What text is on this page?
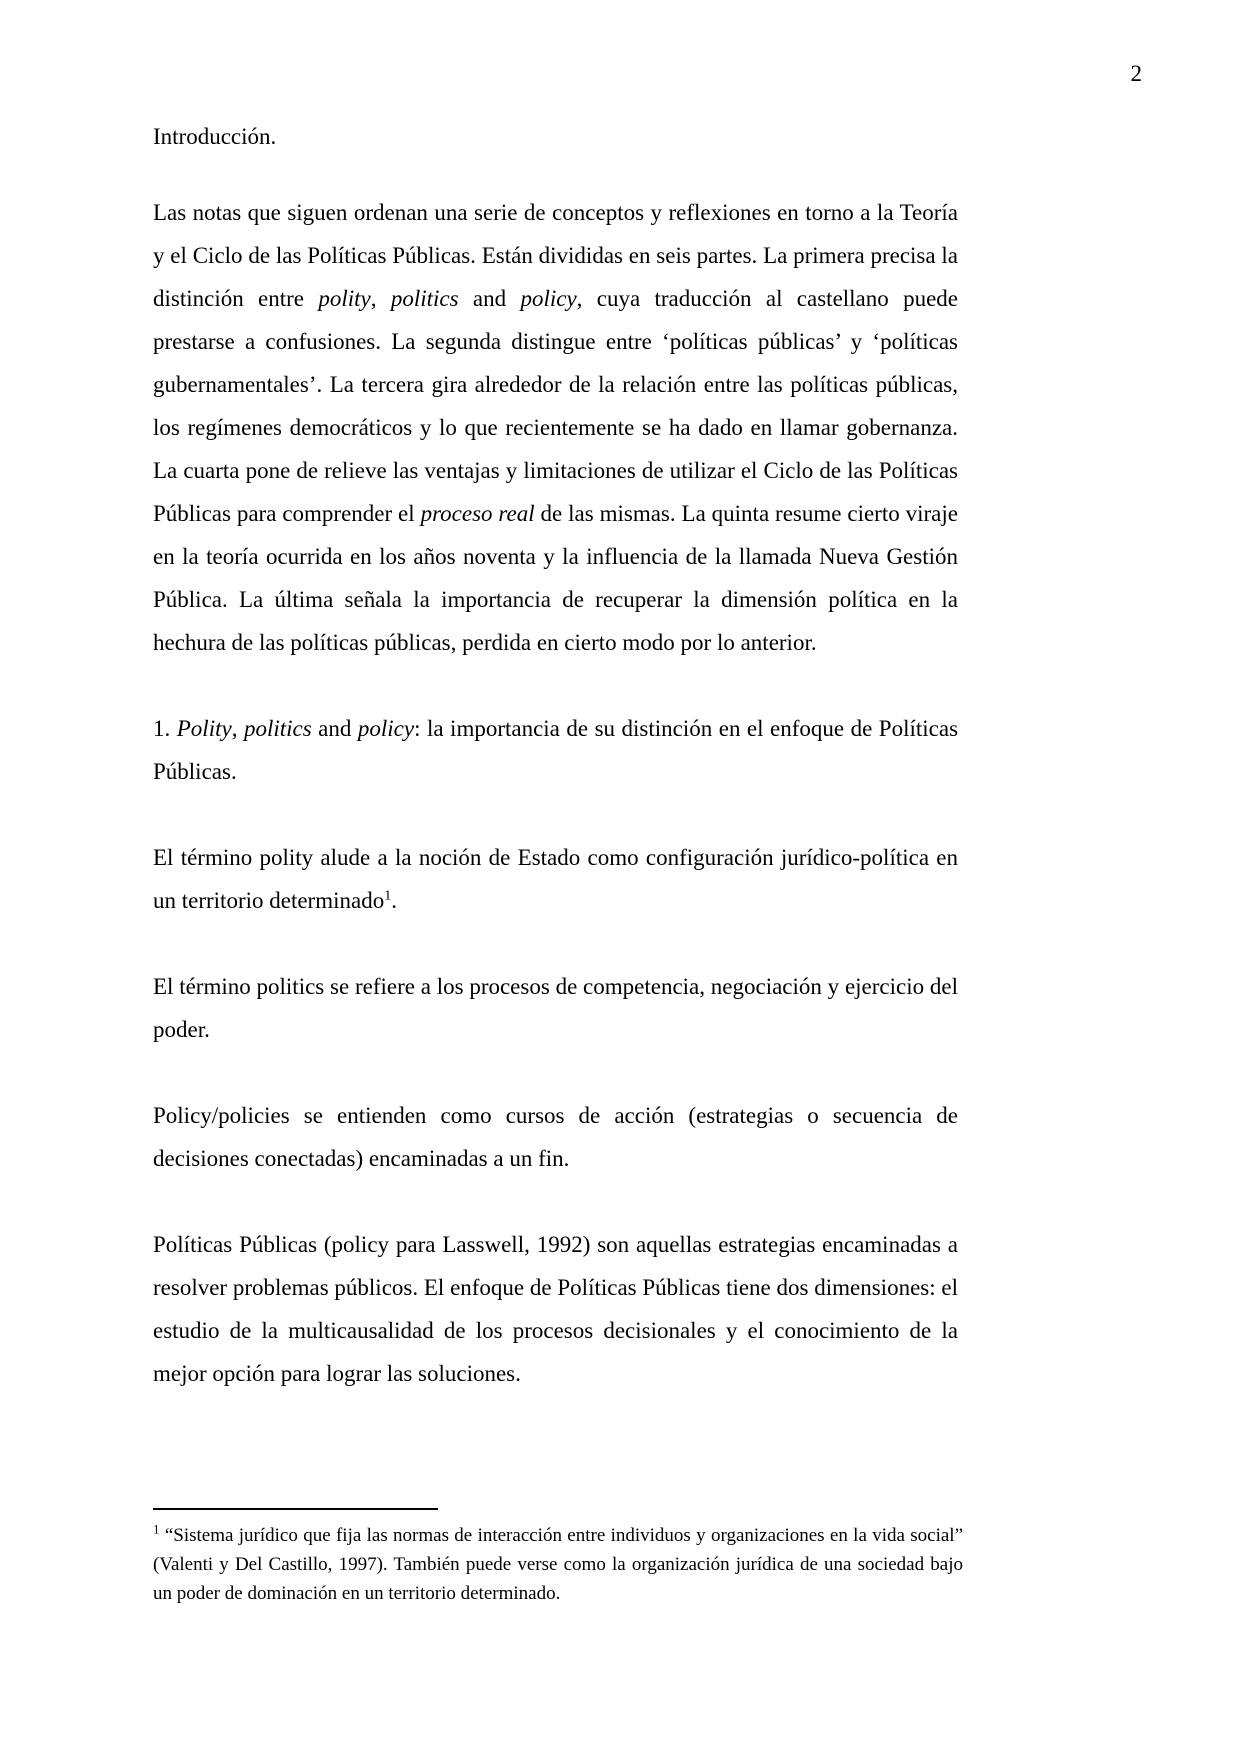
2

Introducción.

Las notas que siguen ordenan una serie de conceptos y reflexiones en torno a la Teoría y el Ciclo de las Políticas Públicas. Están divididas en seis partes. La primera precisa la distinción entre polity, politics and policy, cuya traducción al castellano puede prestarse a confusiones. La segunda distingue entre ‘políticas públicas’ y ‘políticas gubernamentales’. La tercera gira alrededor de la relación entre las políticas públicas, los regímenes democráticos y lo que recientemente se ha dado en llamar gobernanza. La cuarta pone de relieve las ventajas y limitaciones de utilizar el Ciclo de las Políticas Públicas para comprender el proceso real de las mismas. La quinta resume cierto viraje en la teoría ocurrida en los años noventa y la influencia de la llamada Nueva Gestión Pública. La última señala la importancia de recuperar la dimensión política en la hechura de las políticas públicas, perdida en cierto modo por lo anterior.

1. Polity, politics and policy: la importancia de su distinción en el enfoque de Políticas Públicas.

El término polity alude a la noción de Estado como configuración jurídico-política en un territorio determinado$^1$.

El término politics se refiere a los procesos de competencia, negociación y ejercicio del poder.

Policy/policies se entienden como cursos de acción (estrategias o secuencia de decisiones conectadas) encaminadas a un fin.

Políticas Públicas (policy para Lasswell, 1992) son aquellas estrategias encaminadas a resolver problemas públicos. El enfoque de Políticas Públicas tiene dos dimensiones: el estudio de la multicausalidad de los procesos decisionales y el conocimiento de la mejor opción para lograr las soluciones.

$^1$ “Sistema jurídico que fija las normas de interacción entre individuos y organizaciones en la vida social” (Valenti y Del Castillo, 1997). También puede verse como la organización jurídica de una sociedad bajo un poder de dominación en un territorio determinado.
